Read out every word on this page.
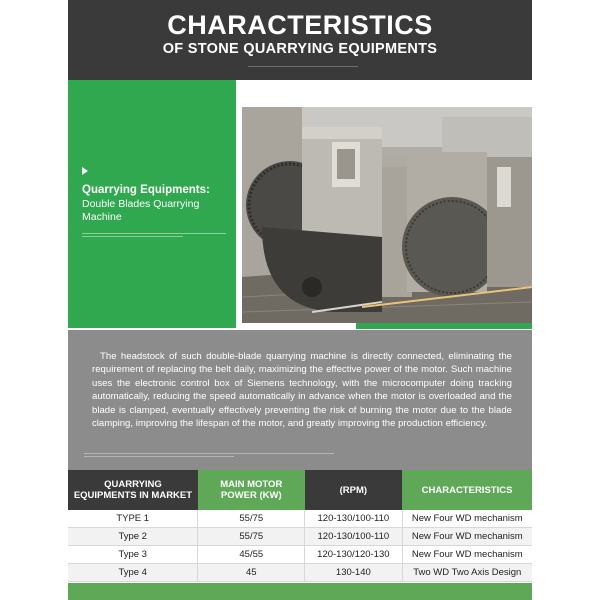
CHARACTERISTICS
OF STONE QUARRYING EQUIPMENTS
Quarrying Equipments:
Double Blades Quarrying Machine

The headstock of such double-blade quarrying machine is directly connected, eliminating the requirement of replacing the belt daily, maximizing the effective power of the motor. Such machine uses the electronic control box of Siemens technology, with the microcomputer doing tracking automatically, reducing the speed automatically in advance when the motor is overloaded and the blade is clamped, eventually effectively preventing the risk of burning the motor due to the blade clamping, improving the lifespan of the motor, and greatly improving the production efficiency.

QUARRYING EQUIPMENTS IN MARKET	MAIN MOTOR POWER (KW)	(RPM)	CHARACTERISTICS
TYPE 1	55/75	120-130/100-110	New Four WD mechanism
Type 2	55/75	120-130/100-110	New Four WD mechanism
Type 3	45/55	120-130/120-130	New Four WD mechanism
Type 4	45	130-140	Two WD Two Axis Design
